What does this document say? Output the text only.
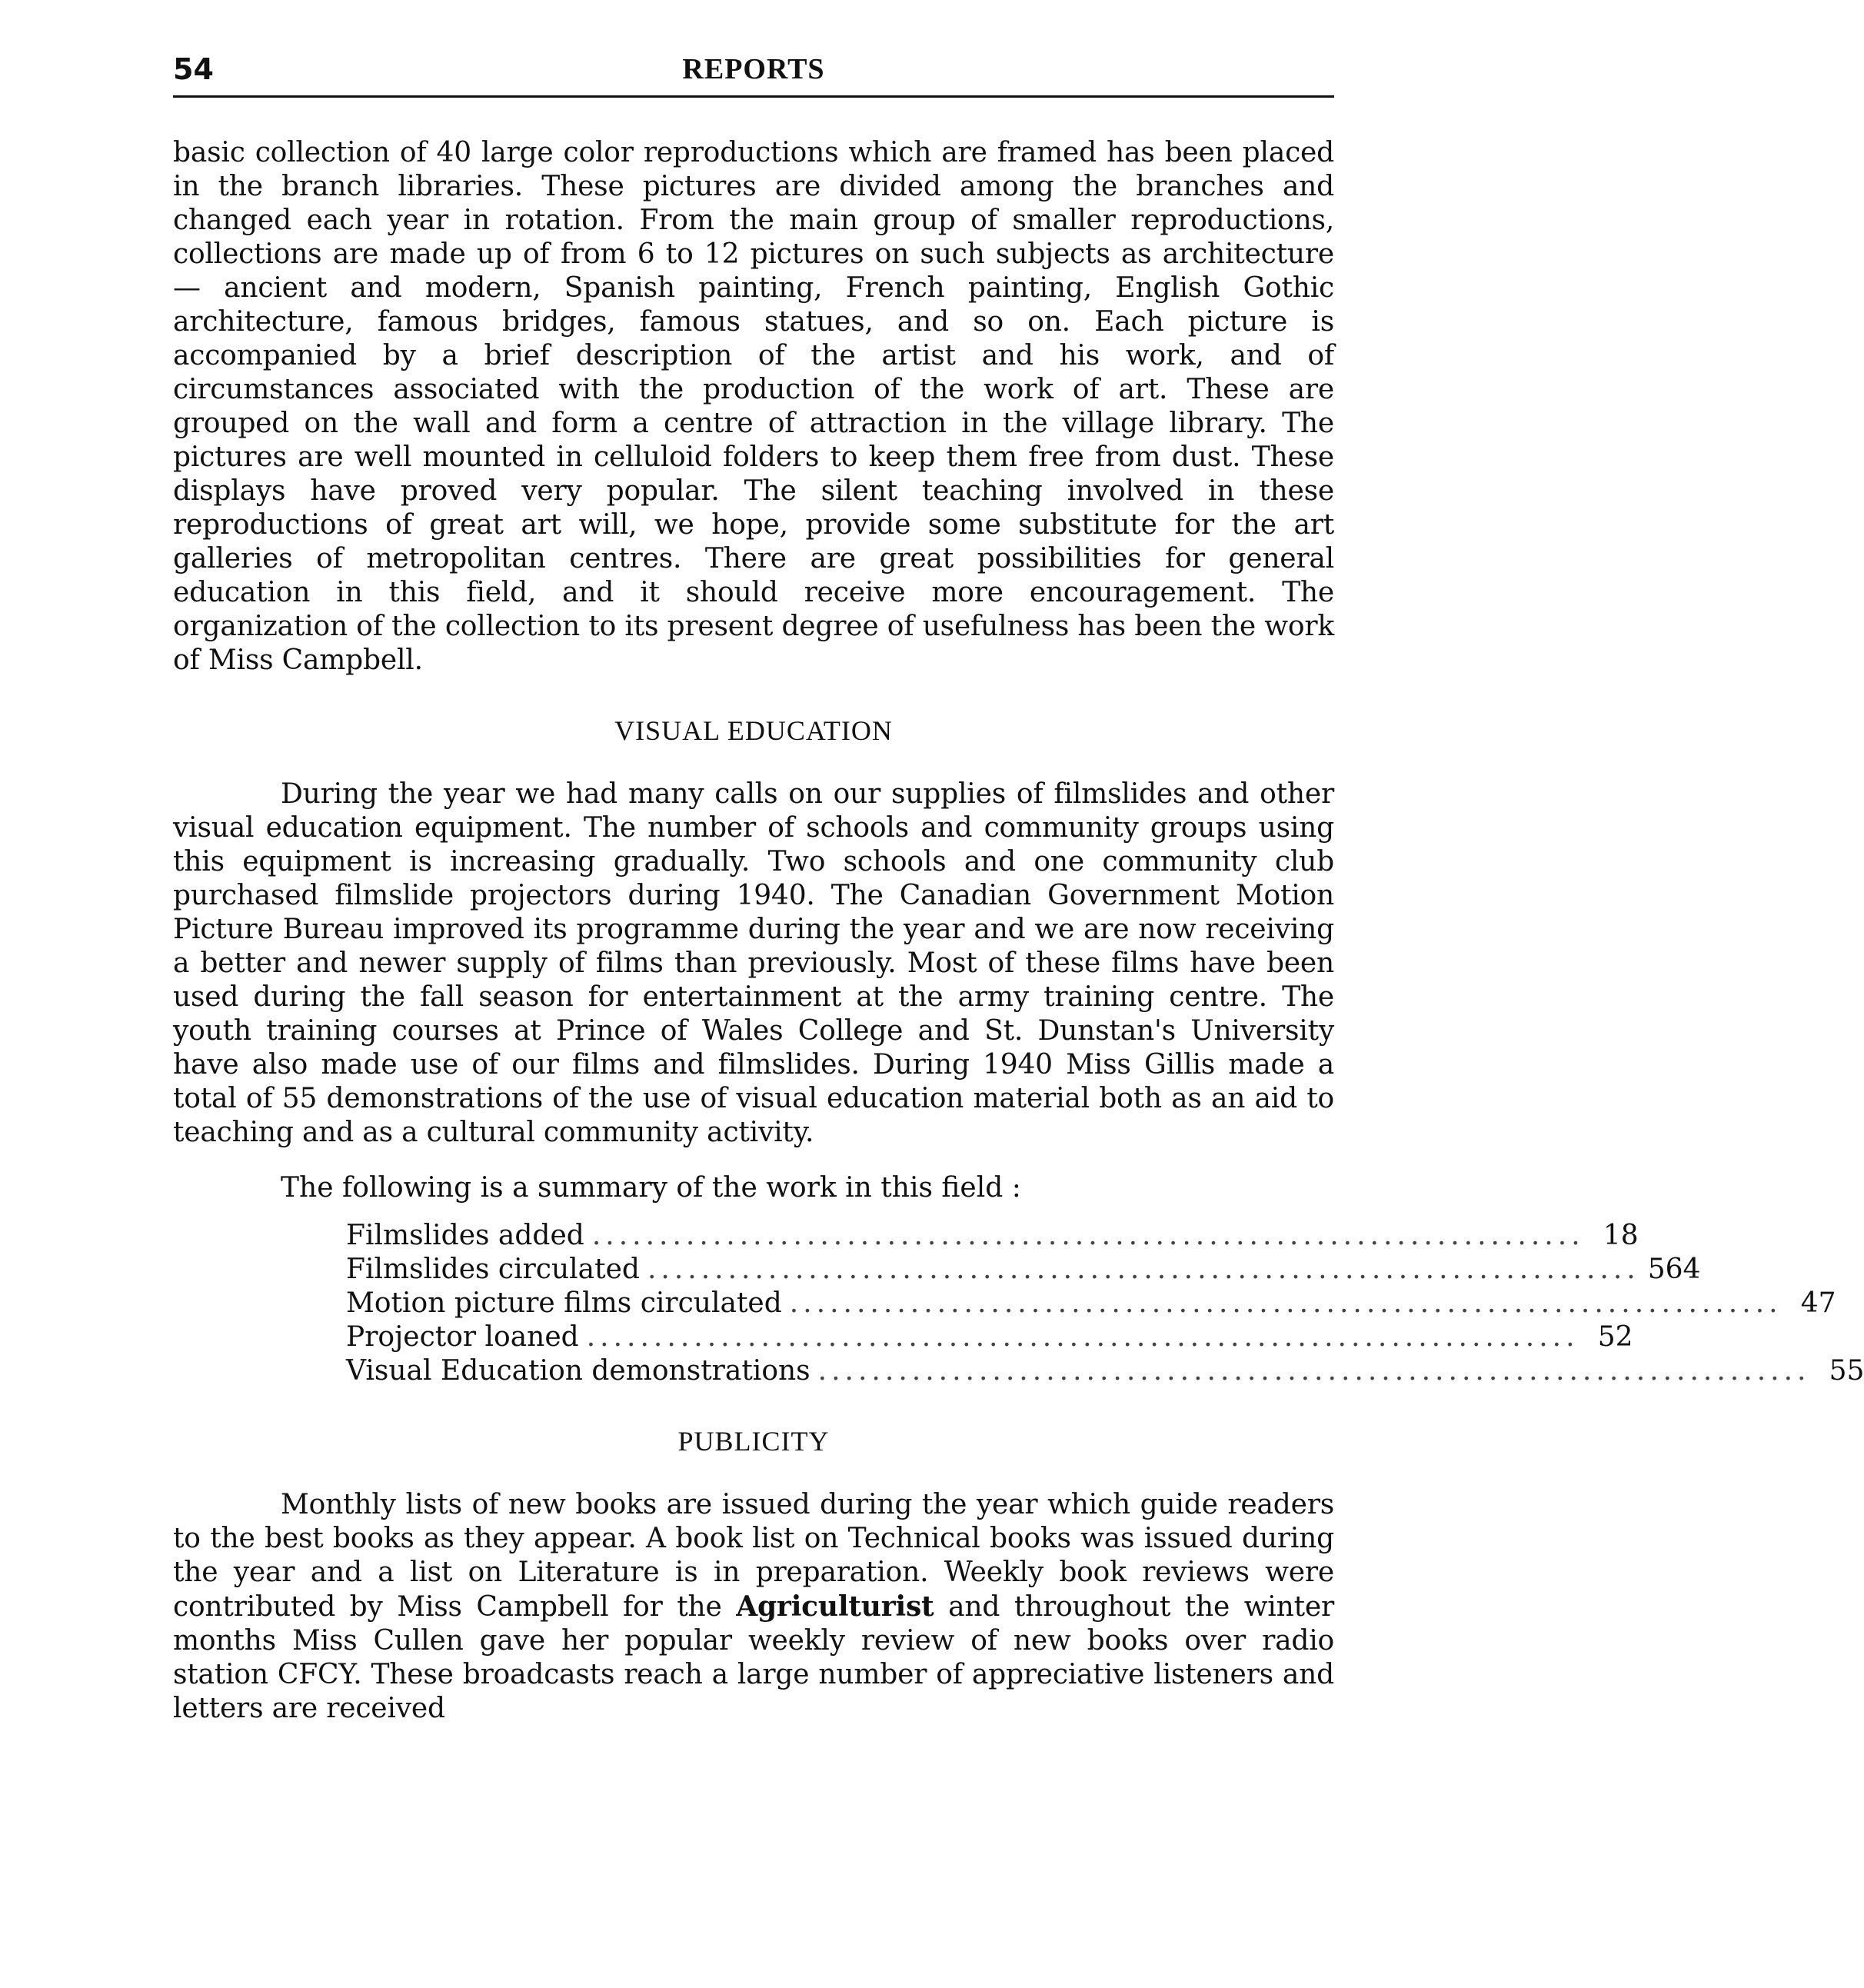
54	REPORTS

basic collection of 40 large color reproductions which are framed has been placed in the branch libraries. These pictures are divided among the branches and changed each year in rotation. From the main group of smaller reproductions, collections are made up of from 6 to 12 pictures on such subjects as architecture — ancient and modern, Spanish painting, French painting, English Gothic architecture, famous bridges, famous statues, and so on. Each picture is accompanied by a brief description of the artist and his work, and of circumstances associated with the production of the work of art. These are grouped on the wall and form a centre of attraction in the village library. The pictures are well mounted in celluloid folders to keep them free from dust. These displays have proved very popular. The silent teaching involved in these reproductions of great art will, we hope, provide some substitute for the art galleries of metropolitan centres. There are great possibilities for general education in this field, and it should receive more encouragement. The organization of the collection to its present degree of usefulness has been the work of Miss Campbell.

VISUAL EDUCATION

During the year we had many calls on our supplies of filmslides and other visual education equipment. The number of schools and community groups using this equipment is increasing gradually. Two schools and one community club purchased filmslide projectors during 1940. The Canadian Government Motion Picture Bureau improved its programme during the year and we are now receiving a better and newer supply of films than previously. Most of these films have been used during the fall season for entertainment at the army training centre. The youth training courses at Prince of Wales College and St. Dunstan's University have also made use of our films and filmslides. During 1940 Miss Gillis made a total of 55 demonstrations of the use of visual education material both as an aid to teaching and as a cultural community activity.

The following is a summary of the work in this field :
Filmslides added .......................................................................... 18
Filmslides circulated .......................................................................... 564
Motion picture films circulated .......................................................................... 47
Projector loaned .......................................................................... 52
Visual Education demonstrations .......................................................................... 55
PUBLICITY

Monthly lists of new books are issued during the year which guide readers to the best books as they appear. A book list on Technical books was issued during the year and a list on Literature is in preparation. Weekly book reviews were contributed by Miss Campbell for the Agriculturist and throughout the winter months Miss Cullen gave her popular weekly review of new books over radio station CFCY. These broadcasts reach a large number of appreciative listeners and letters are received
